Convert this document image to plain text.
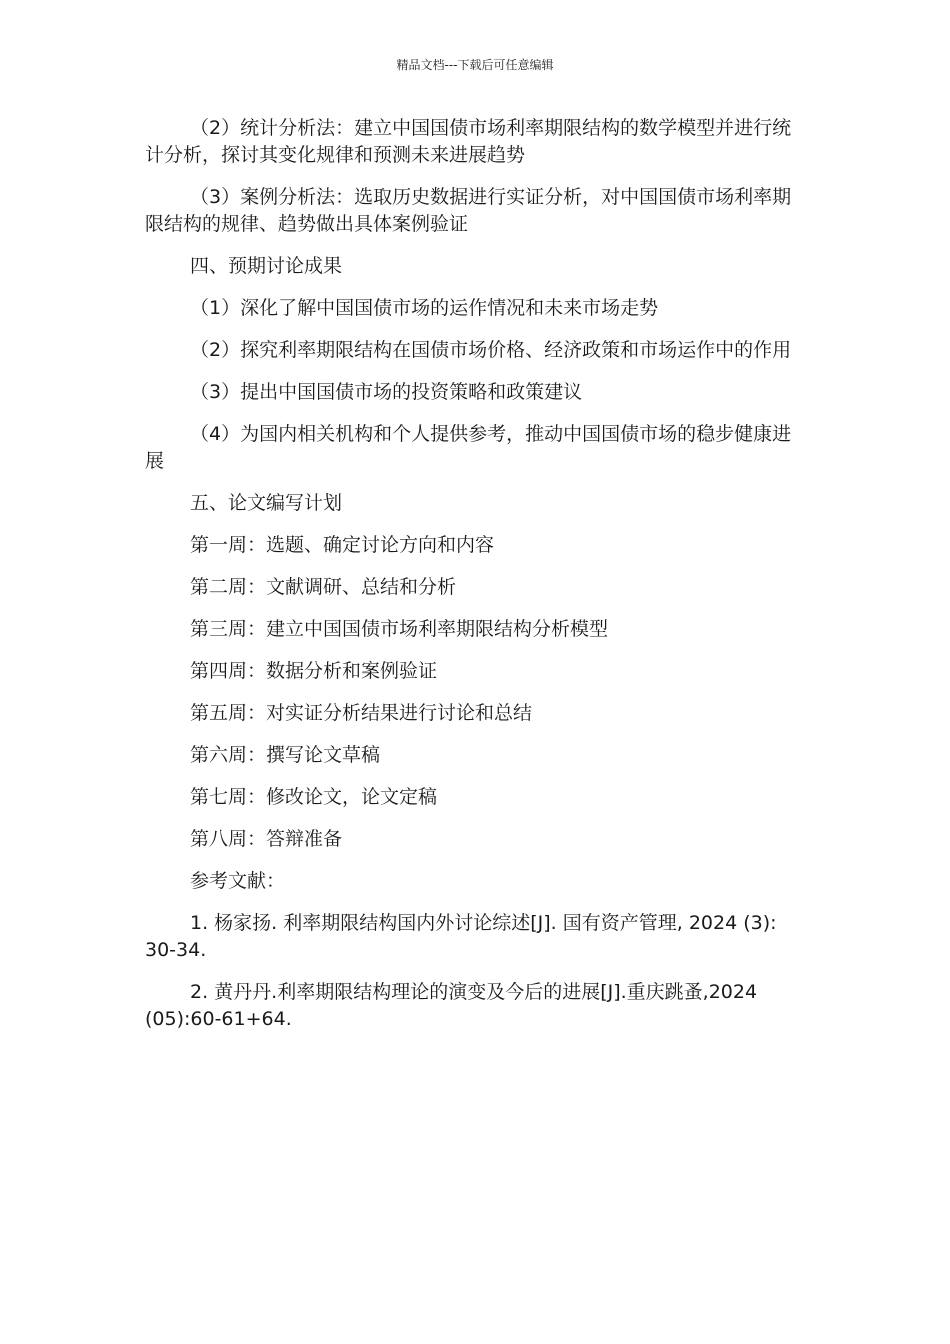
精品文档---下载后可任意编辑

（2）统计分析法：建立中国国债市场利率期限结构的数学模型并进行统计分析，探讨其变化规律和预测未来进展趋势

（3）案例分析法：选取历史数据进行实证分析，对中国国债市场利率期限结构的规律、趋势做出具体案例验证

四、预期讨论成果

（1）深化了解中国国债市场的运作情况和未来市场走势

（2）探究利率期限结构在国债市场价格、经济政策和市场运作中的作用

（3）提出中国国债市场的投资策略和政策建议

（4）为国内相关机构和个人提供参考，推动中国国债市场的稳步健康进展

五、论文编写计划

第一周：选题、确定讨论方向和内容

第二周：文献调研、总结和分析

第三周：建立中国国债市场利率期限结构分析模型

第四周：数据分析和案例验证

第五周：对实证分析结果进行讨论和总结

第六周：撰写论文草稿

第七周：修改论文，论文定稿

第八周：答辩准备

参考文献：

1. 杨家扬. 利率期限结构国内外讨论综述[J]. 国有资产管理, 2024 (3): 30-34.

2. 黄丹丹.利率期限结构理论的演变及今后的进展[J].重庆跳蚤,2024 (05):60-61+64.
